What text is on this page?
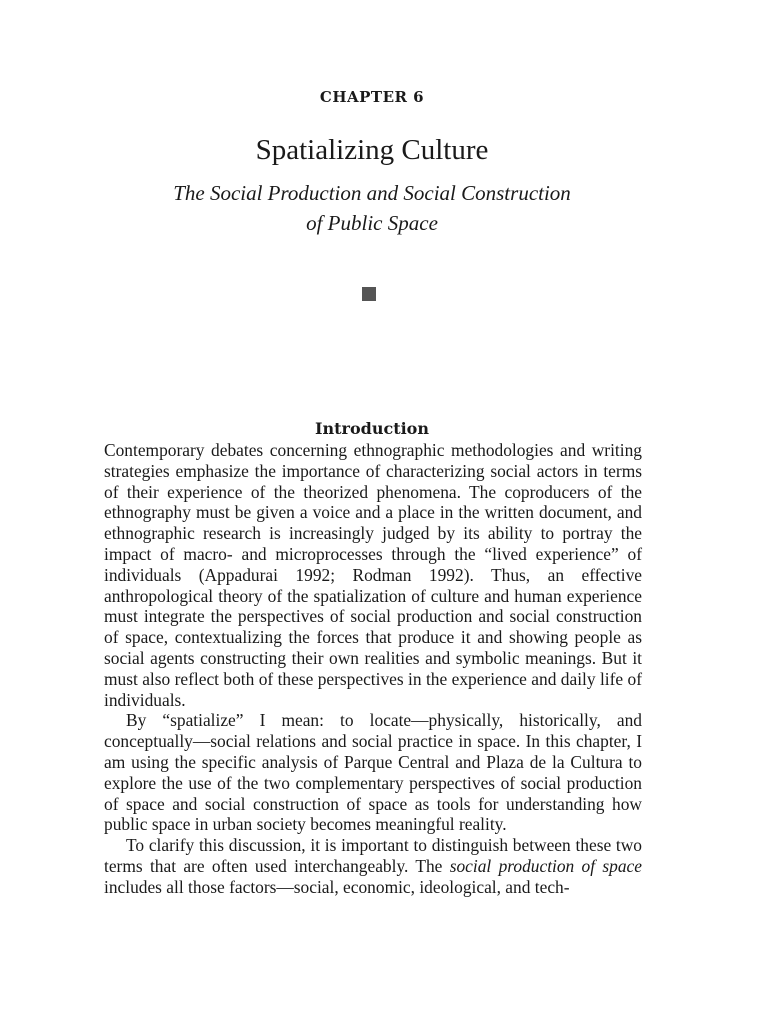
CHAPTER 6
Spatializing Culture
The Social Production and Social Construction
of Public Space
Introduction

Contemporary debates concerning ethnographic methodologies and writing strategies emphasize the importance of characterizing social actors in terms of their experience of the theorized phenomena. The coproducers of the ethnography must be given a voice and a place in the written document, and ethnographic research is increasingly judged by its ability to portray the impact of macro- and microprocesses through the “lived experience” of individuals (Appadurai 1992; Rodman 1992). Thus, an effective anthropological theory of the spatialization of culture and human experience must integrate the perspectives of social production and social construction of space, contextualizing the forces that produce it and showing people as social agents constructing their own realities and symbolic meanings. But it must also reflect both of these perspectives in the experience and daily life of individuals.

By “spatialize” I mean: to locate—physically, historically, and conceptually—social relations and social practice in space. In this chapter, I am using the specific analysis of Parque Central and Plaza de la Cultura to explore the use of the two complementary perspectives of social production of space and social construction of space as tools for understanding how public space in urban society becomes meaningful reality.

To clarify this discussion, it is important to distinguish between these two terms that are often used interchangeably. The social production of space includes all those factors—social, economic, ideological, and tech-
